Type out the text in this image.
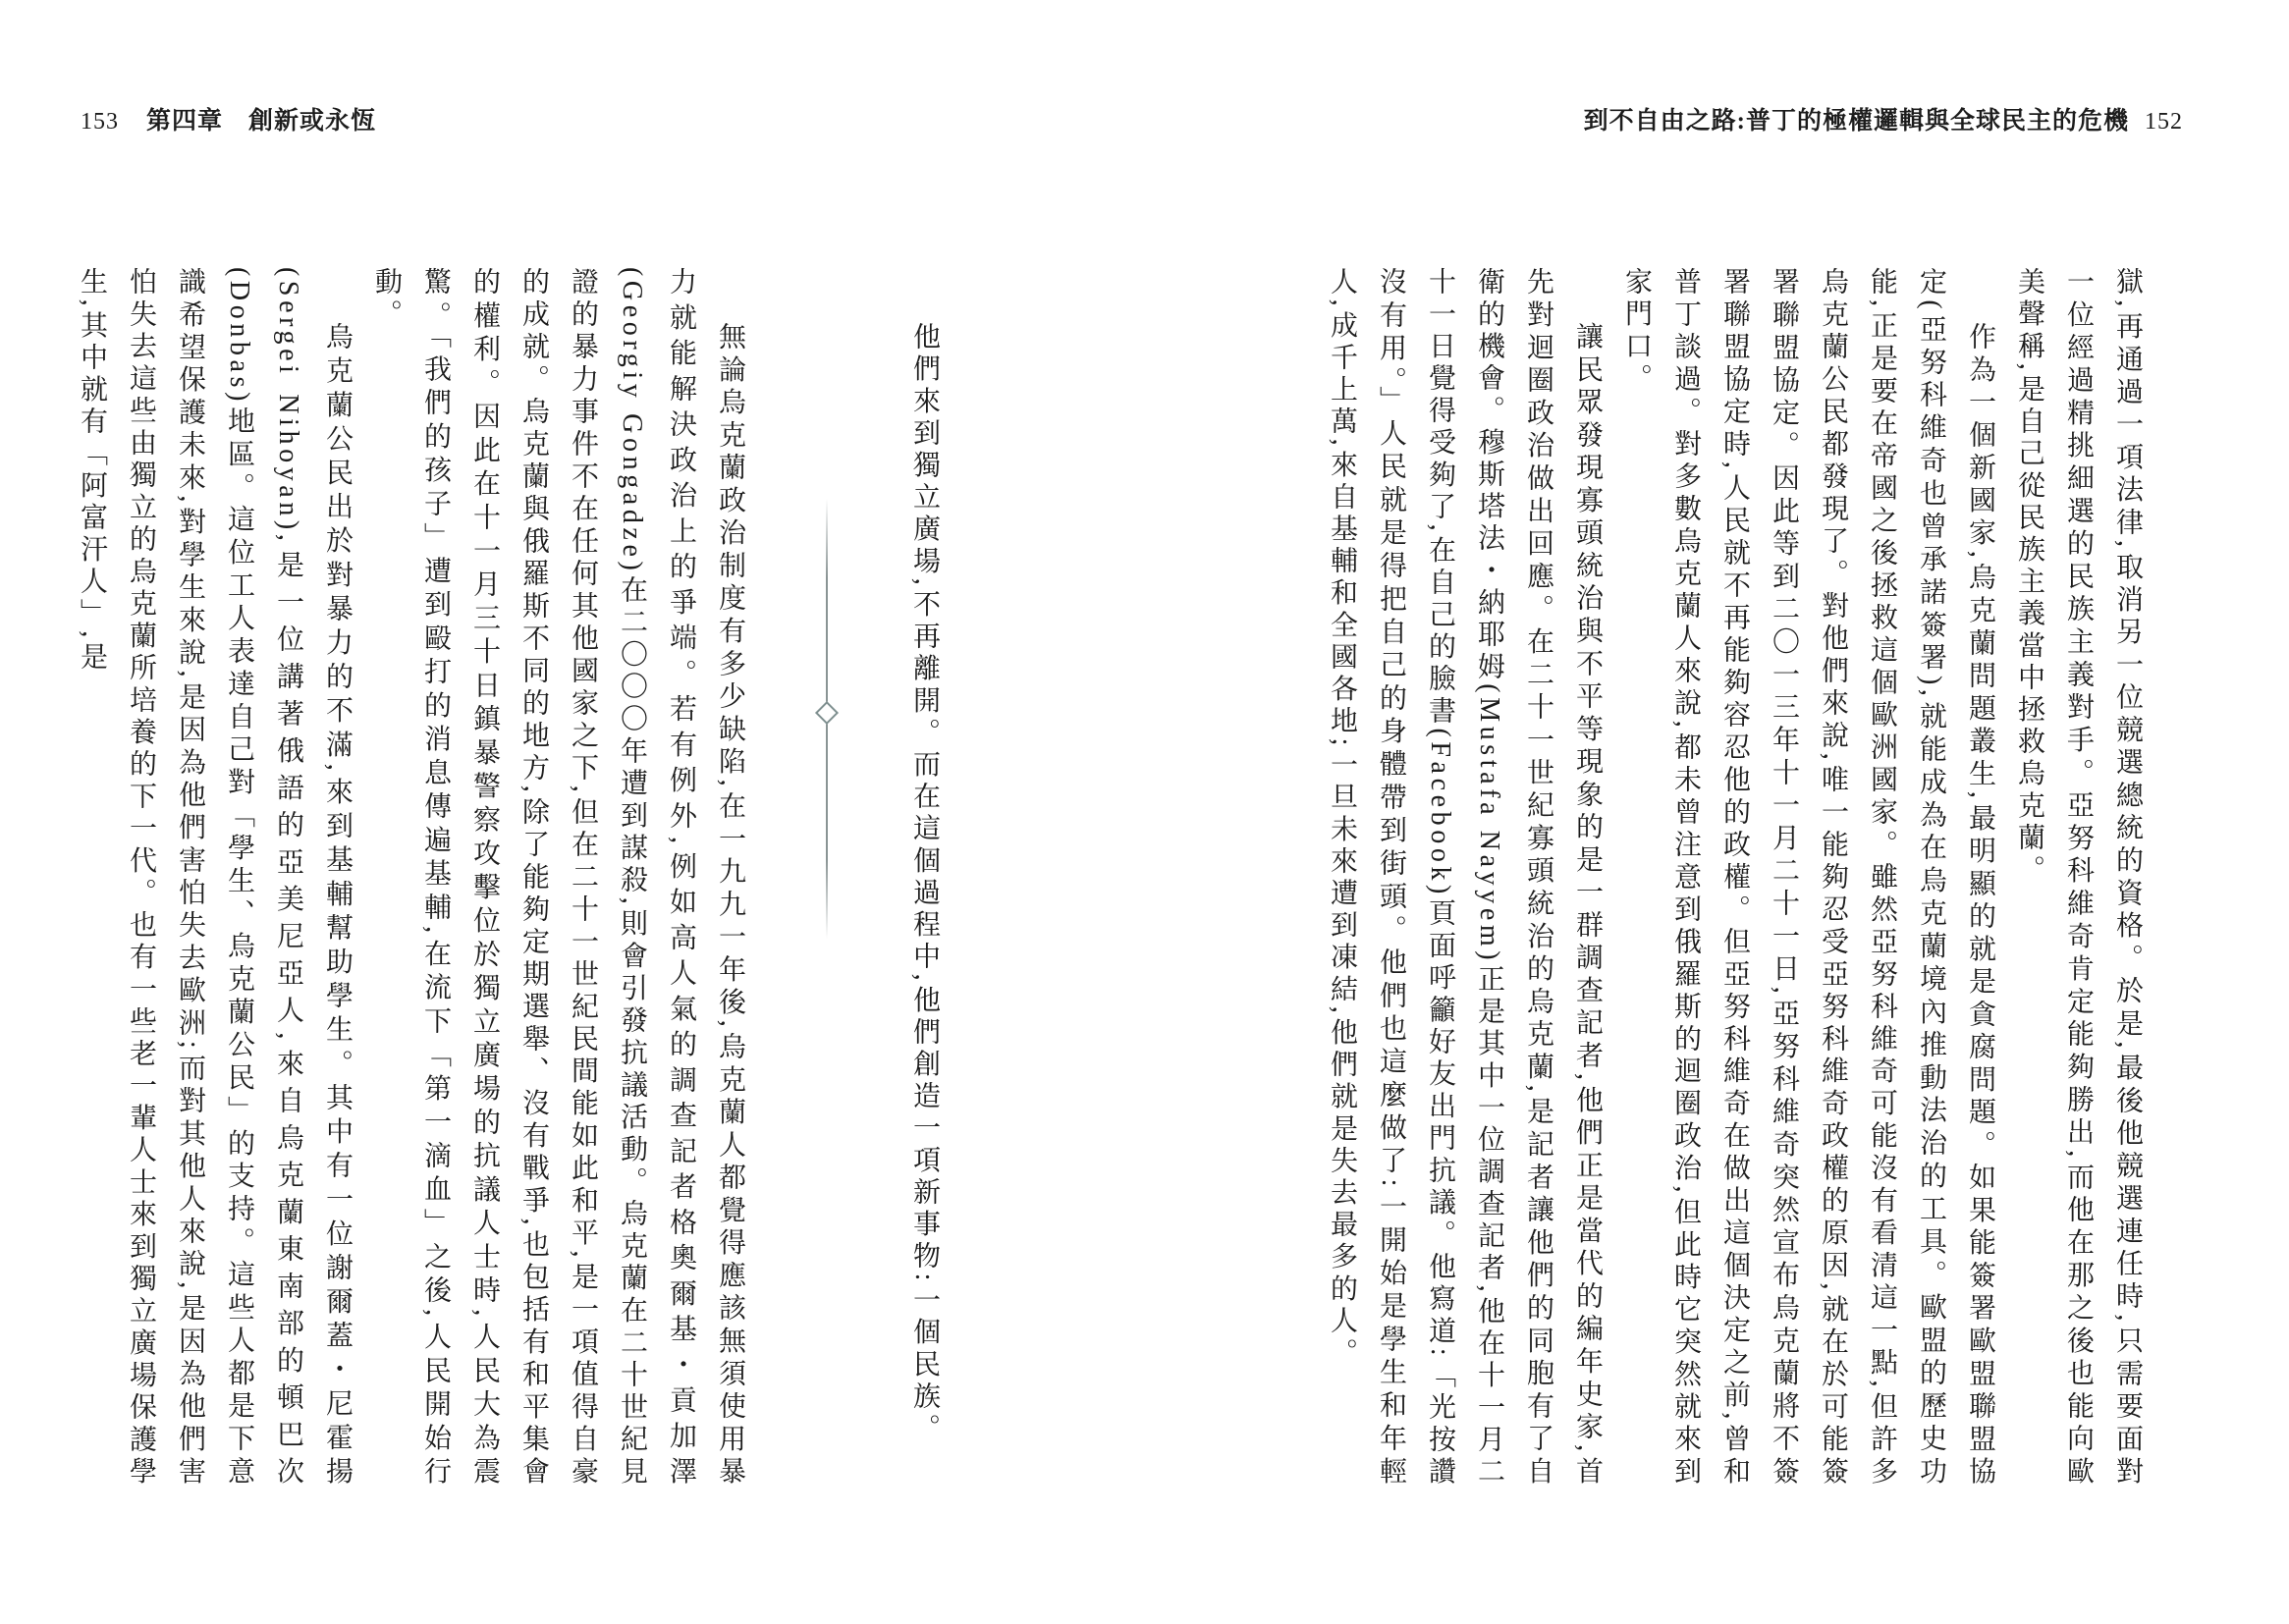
153 第四章　創新或永恆	到不自由之路:普丁的極權邏輯與全球民主的危機 152

獄,再通過一項法律,取消另一位競選總統的資格。於是,最後他競選連任時,只需要面對一位經過精挑細選的民族主義對手。亞努科維奇肯定能夠勝出,而他在那之後也能向歐美聲稱,是自己從民族主義當中拯救烏克蘭。

作為一個新國家,烏克蘭問題叢生,最明顯的就是貪腐問題。如果能簽署歐盟聯盟協定(亞努科維奇也曾承諾簽署),就能成為在烏克蘭境內推動法治的工具。歐盟的歷史功能,正是要在帝國之後拯救這個歐洲國家。雖然亞努科維奇可能沒有看清這一點,但許多烏克蘭公民都發現了。對他們來說,唯一能夠忍受亞努科維奇政權的原因,就在於可能簽署聯盟協定。因此等到二〇一三年十一月二十一日,亞努科維奇突然宣布烏克蘭將不簽署聯盟協定時,人民就不再能夠容忍他的政權。但亞努科維奇在做出這個決定之前,曾和普丁談過。對多數烏克蘭人來說,都未曾注意到俄羅斯的迴圈政治,但此時它突然就來到家門口。

讓民眾發現寡頭統治與不平等現象的是一群調查記者,他們正是當代的編年史家,首先對迴圈政治做出回應。在二十一世紀寡頭統治的烏克蘭,是記者讓他們的同胞有了自衛的機會。穆斯塔法・納耶姆(Mustafa Nayyem)正是其中一位調查記者,他在十一月二十一日覺得受夠了,在自己的臉書(Facebook)頁面呼籲好友出門抗議。他寫道:「光按讚沒有用。」人民就是得把自己的身體帶到街頭。他們也這麼做了:一開始是學生和年輕人,成千上萬,來自基輔和全國各地;一旦未來遭到凍結,他們就是失去最多的人。

他們來到獨立廣場,不再離開。而在這個過程中,他們創造一項新事物:一個民族。

無論烏克蘭政治制度有多少缺陷,在一九九一年後,烏克蘭人都覺得應該無須使用暴力就能解決政治上的爭端。若有例外,例如高人氣的調查記者格奧爾基・貢加澤(Georgiy Gongadze)在二〇〇〇年遭到謀殺,則會引發抗議活動。烏克蘭在二十世紀見證的暴力事件不在任何其他國家之下,但在二十一世紀民間能如此和平,是一項值得自豪的成就。烏克蘭與俄羅斯不同的地方,除了能夠定期選舉、沒有戰爭,也包括有和平集會的權利。因此在十一月三十日鎮暴警察攻擊位於獨立廣場的抗議人士時,人民大為震驚。「我們的孩子」遭到毆打的消息傳遍基輔,在流下「第一滴血」之後,人民開始行動。

烏克蘭公民出於對暴力的不滿,來到基輔幫助學生。其中有一位謝爾蓋・尼霍揚(Sergei Nihoyan),是一位講著俄語的亞美尼亞人,來自烏克蘭東南部的頓巴次(Donbas)地區。這位工人表達自己對「學生、烏克蘭公民」的支持。這些人都是下意識希望保護未來,對學生來說,是因為他們害怕失去歐洲;而對其他人來說,是因為他們害怕失去這些由獨立的烏克蘭所培養的下一代。也有一些老一輩人士來到獨立廣場保護學生,其中就有「阿富汗人」,是
